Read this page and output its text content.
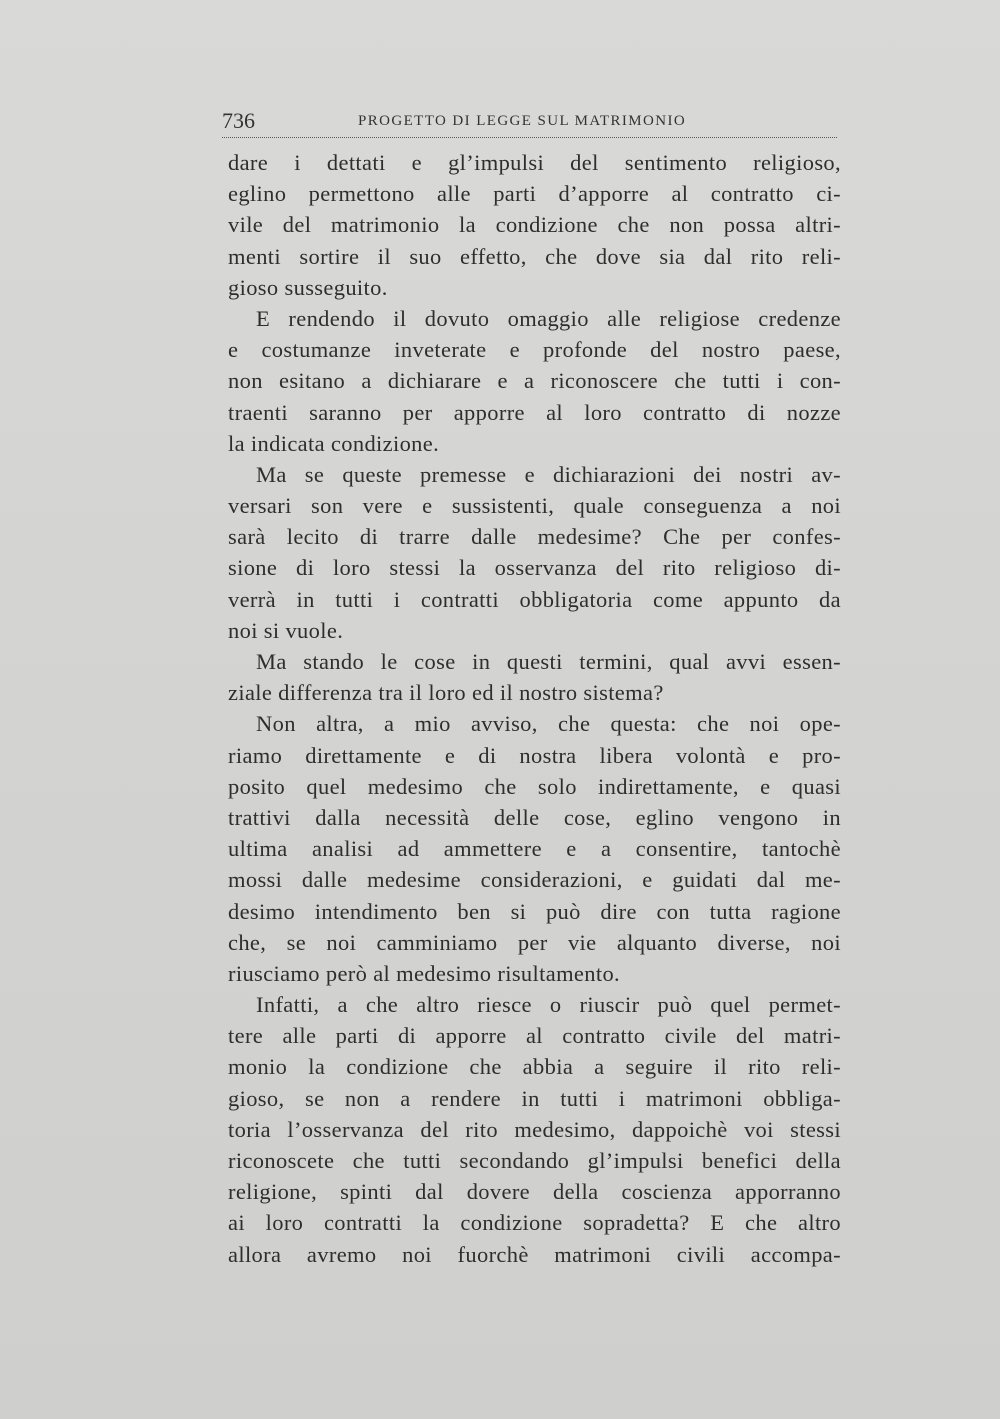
736	PROGETTO DI LEGGE SUL MATRIMONIO
dare i dettati e gl’impulsi del sentimento religioso,
eglino permettono alle parti d’apporre al contratto ci-
vile del matrimonio la condizione che non possa altri-
menti sortire il suo effetto, che dove sia dal rito reli-
gioso susseguito.
E rendendo il dovuto omaggio alle religiose credenze
e costumanze inveterate e profonde del nostro paese,
non esitano a dichiarare e a riconoscere che tutti i con-
traenti saranno per apporre al loro contratto di nozze
la indicata condizione.
Ma se queste premesse e dichiarazioni dei nostri av-
versari son vere e sussistenti, quale conseguenza a noi
sarà lecito di trarre dalle medesime? Che per confes-
sione di loro stessi la osservanza del rito religioso di-
verrà in tutti i contratti obbligatoria come appunto da
noi si vuole.
Ma stando le cose in questi termini, qual avvi essen-
ziale differenza tra il loro ed il nostro sistema?
Non altra, a mio avviso, che questa: che noi ope-
riamo direttamente e di nostra libera volontà e pro-
posito quel medesimo che solo indirettamente, e quasi
trattivi dalla necessità delle cose, eglino vengono in
ultima analisi ad ammettere e a consentire, tantochè
mossi dalle medesime considerazioni, e guidati dal me-
desimo intendimento ben si può dire con tutta ragione
che, se noi camminiamo per vie alquanto diverse, noi
riusciamo però al medesimo risultamento.
Infatti, a che altro riesce o riuscir può quel permet-
tere alle parti di apporre al contratto civile del matri-
monio la condizione che abbia a seguire il rito reli-
gioso, se non a rendere in tutti i matrimoni obbliga-
toria l’osservanza del rito medesimo, dappoichè voi stessi
riconoscete che tutti secondando gl’impulsi benefici della
religione, spinti dal dovere della coscienza apporranno
ai loro contratti la condizione sopradetta? E che altro
allora avremo noi fuorchè matrimoni civili accompa-
